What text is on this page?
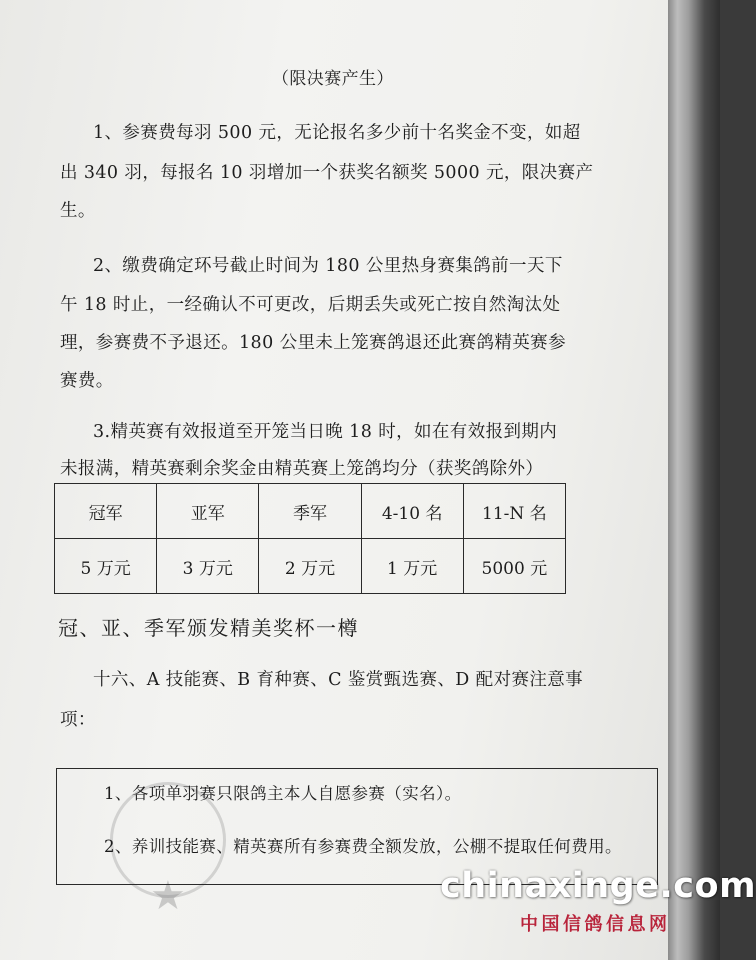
（限决赛产生）
1、参赛费每羽 500 元，无论报名多少前十名奖金不变，如超
出 340 羽，每报名 10 羽增加一个获奖名额奖 5000 元，限决赛产
生。
2、缴费确定环号截止时间为 180 公里热身赛集鸽前一天下
午 18 时止，一经确认不可更改，后期丢失或死亡按自然淘汰处
理，参赛费不予退还。180 公里未上笼赛鸽退还此赛鸽精英赛参
赛费。
3.精英赛有效报道至开笼当日晚 18 时，如在有效报到期内
未报满，精英赛剩余奖金由精英赛上笼鸽均分（获奖鸽除外）
冠军	亚军	季军	4-10 名	11-N 名
5 万元	3 万元	2 万元	1 万元	5000 元
冠、亚、季军颁发精美奖杯一樽
十六、A 技能赛、B 育种赛、C 鉴赏甄选赛、D 配对赛注意事
项：
★
1、各项单羽赛只限鸽主本人自愿参赛（实名）。
2、养训技能赛、精英赛所有参赛费全额发放，公棚不提取任何费用。
chinaxinge.com
中国信鸽信息网
